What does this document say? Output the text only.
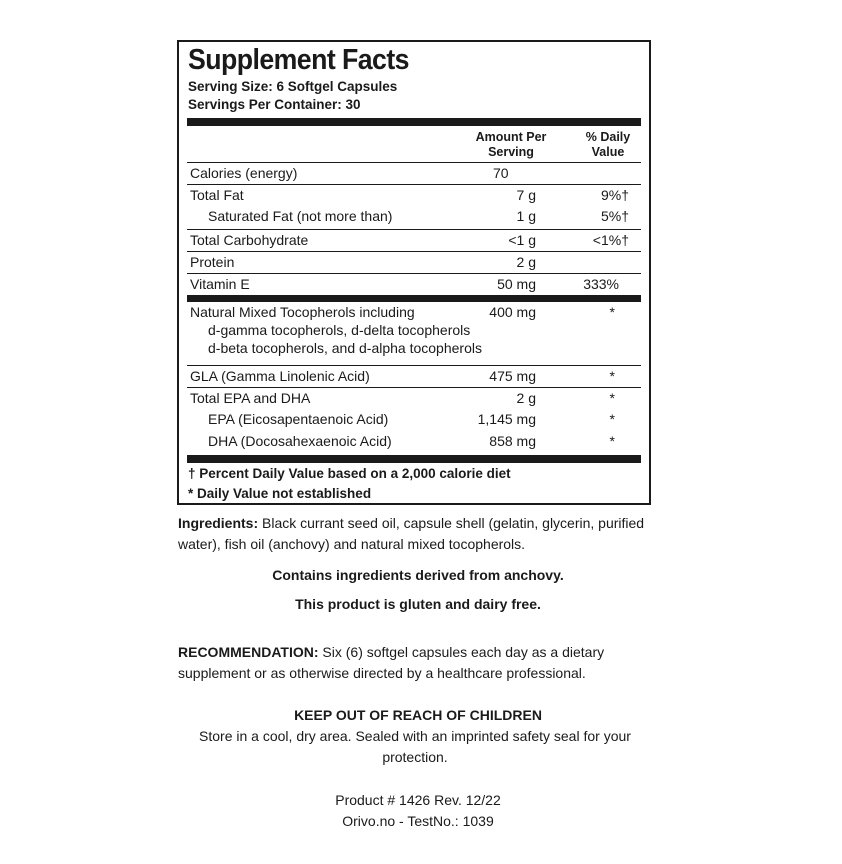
Supplement Facts
Serving Size: 6 Softgel Capsules
Servings Per Container: 30
Amount Per
Serving
% Daily
Value
Calories (energy)	70
Total Fat	7 g	9%†
Saturated Fat (not more than)	1 g	5%†
Total Carbohydrate	<1 g	<1%†
Protein	2 g
Vitamin E	50 mg	333%
Natural Mixed Tocopherols including
d-gamma tocopherols, d-delta tocopherols
d-beta tocopherols, and d-alpha tocopherols
400 mg	*
GLA (Gamma Linolenic Acid)	475 mg	*
Total EPA and DHA	2 g	*
EPA (Eicosapentaenoic Acid)	1,145 mg	*
DHA (Docosahexaenoic Acid)	858 mg	*
† Percent Daily Value based on a 2,000 calorie diet
* Daily Value not established
Ingredients: Black currant seed oil, capsule shell (gelatin, glycerin, purified water), fish oil (anchovy) and natural mixed tocopherols.
Contains ingredients derived from anchovy.
This product is gluten and dairy free.
RECOMMENDATION: Six (6) softgel capsules each day as a dietary supplement or as otherwise directed by a healthcare professional.
KEEP OUT OF REACH OF CHILDREN
Store in a cool, dry area. Sealed with an imprinted safety seal for your protection.
Product # 1426 Rev. 12/22
Orivo.no - TestNo.: 1039
